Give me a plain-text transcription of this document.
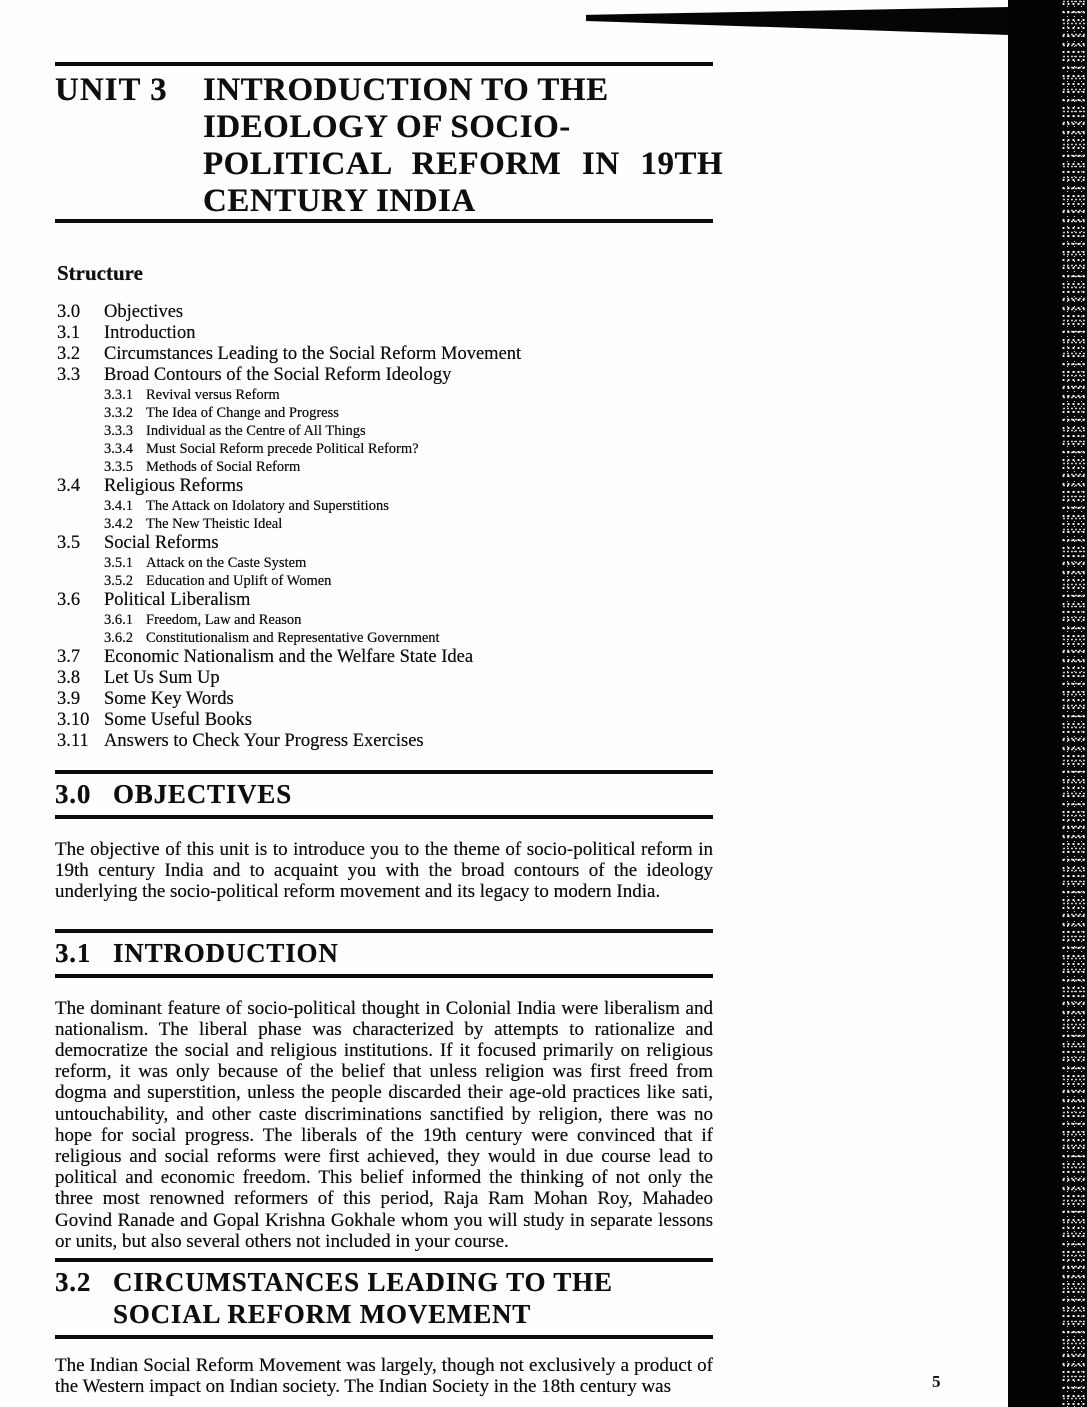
UNIT 3	INTRODUCTION TO THE
IDEOLOGY OF SOCIO-
POLITICAL REFORM IN 19TH
CENTURY INDIA
Structure
3.0	Objectives
3.1	Introduction
3.2	Circumstances Leading to the Social Reform Movement
3.3	Broad Contours of the Social Reform Ideology
3.3.1 Revival versus Reform
3.3.2 The Idea of Change and Progress
3.3.3 Individual as the Centre of All Things
3.3.4 Must Social Reform precede Political Reform?
3.3.5 Methods of Social Reform
3.4	Religious Reforms
3.4.1 The Attack on Idolatory and Superstitions
3.4.2 The New Theistic Ideal
3.5	Social Reforms
3.5.1 Attack on the Caste System
3.5.2 Education and Uplift of Women
3.6	Political Liberalism
3.6.1 Freedom, Law and Reason
3.6.2 Constitutionalism and Representative Government
3.7	Economic Nationalism and the Welfare State Idea
3.8	Let Us Sum Up
3.9	Some Key Words
3.10 Some Useful Books
3.11 Answers to Check Your Progress Exercises
3.0 OBJECTIVES

The objective of this unit is to introduce you to the theme of socio-political reform in 19th century India and to acquaint you with the broad contours of the ideology underlying the socio-political reform movement and its legacy to modern India.

3.1 INTRODUCTION

The dominant feature of socio-political thought in Colonial India were liberalism and nationalism. The liberal phase was characterized by attempts to rationalize and democratize the social and religious institutions. If it focused primarily on religious reform, it was only because of the belief that unless religion was first freed from dogma and superstition, unless the people discarded their age-old practices like sati, untouchability, and other caste discriminations sanctified by religion, there was no hope for social progress. The liberals of the 19th century were convinced that if religious and social reforms were first achieved, they would in due course lead to political and economic freedom. This belief informed the thinking of not only the three most renowned reformers of this period, Raja Ram Mohan Roy, Mahadeo Govind Ranade and Gopal Krishna Gokhale whom you will study in separate lessons or units, but also several others not included in your course.

3.2 CIRCUMSTANCES LEADING TO THE SOCIAL REFORM MOVEMENT

The Indian Social Reform Movement was largely, though not exclusively a product of the Western impact on Indian society. The Indian Society in the 18th century was	5
